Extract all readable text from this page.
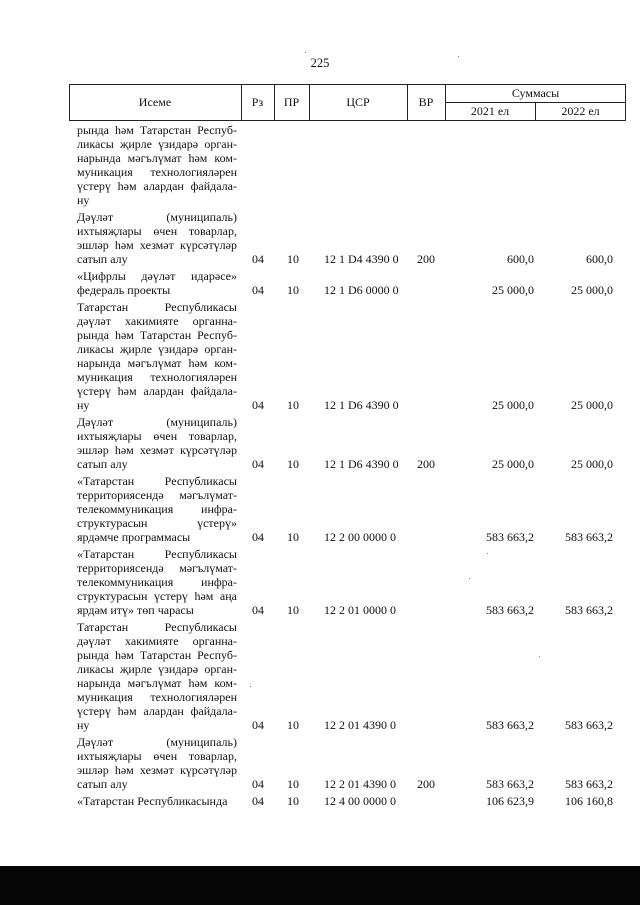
225
Исеме	Рз	ПР	ЦСР	ВР
Суммасы
2021 ел	2022 ел
рында һәм Татарстан Респуб-
ликасы җирле үзидарә орган-
нарында мәгълүмат һәм ком-
муникация технологияләрен
үстерү һәм алардан файдала-
ну
Дәүләт (муниципаль)
ихтыяҗлары өчен товарлар,
эшләр һәм хезмәт күрсәтүләр
сатып алу	04 10 12 1 D4 4390 0 200	600,0	600,0
«Цифрлы дәүләт идарәсе»
федераль проекты	04 10 12 1 D6 0000 0	25 000,0	25 000,0
Татарстан Республикасы
дәүләт хакимияте органна-
рында һәм Татарстан Респуб-
ликасы җирле үзидарә орган-
нарында мәгълүмат һәм ком-
муникация технологияләрен
үстерү һәм алардан файдала-
ну	04 10 12 1 D6 4390 0	25 000,0	25 000,0
Дәүләт (муниципаль)
ихтыяҗлары өчен товарлар,
эшләр һәм хезмәт күрсәтүләр
сатып алу	04 10 12 1 D6 4390 0 200	25 000,0	25 000,0
«Татарстан Республикасы
территориясендә мәгълүмат-
телекоммуникация инфра-
структурасын үстерү»
ярдәмче программасы	04 10 12 2 00 0000 0	583 663,2	583 663,2
«Татарстан Республикасы
территориясендә мәгълүмат-
телекоммуникация инфра-
структурасын үстерү һәм аңа
ярдәм итү» төп чарасы	04 10 12 2 01 0000 0	583 663,2	583 663,2
Татарстан Республикасы
дәүләт хакимияте органна-
рында һәм Татарстан Респуб-
ликасы җирле үзидарә орган-
нарында мәгълүмат һәм ком-
муникация технологияләрен
үстерү һәм алардан файдала-
ну	04 10 12 2 01 4390 0	583 663,2	583 663,2
Дәүләт (муниципаль)
ихтыяҗлары өчен товарлар,
эшләр һәм хезмәт күрсәтүләр
сатып алу	04 10 12 2 01 4390 0 200	583 663,2	583 663,2
«Татарстан Республикасында	04 10 12 4 00 0000 0	106 623,9	106 160,8
